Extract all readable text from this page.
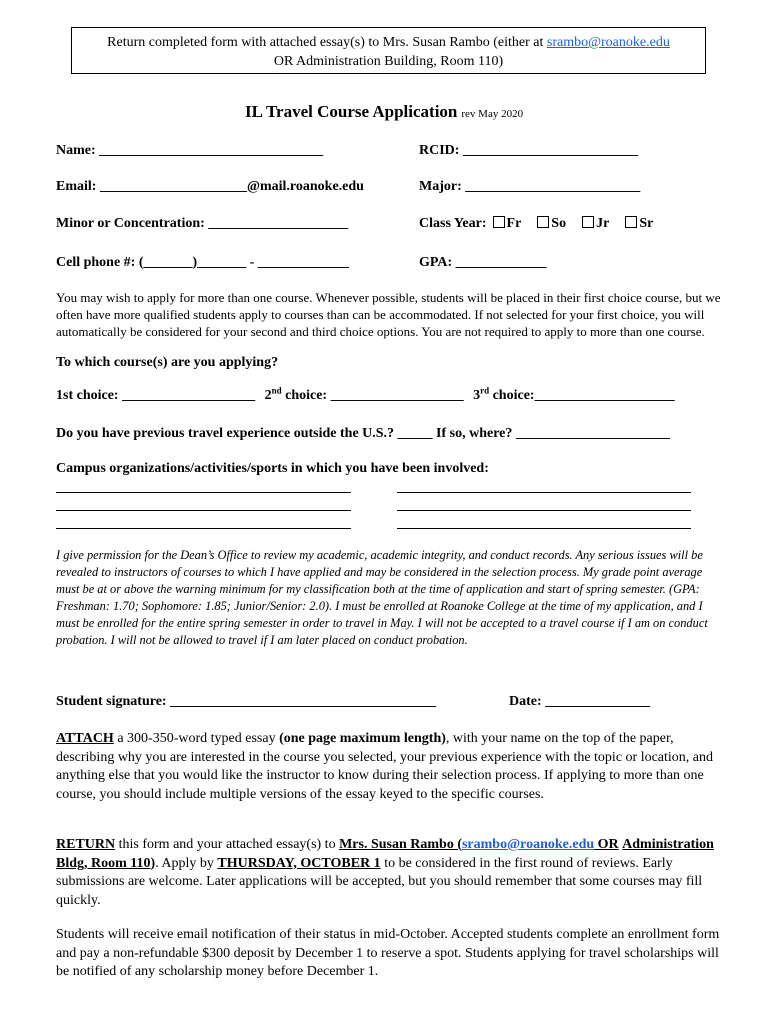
Return completed form with attached essay(s) to Mrs. Susan Rambo (either at srambo@roanoke.edu
OR Administration Building, Room 110)
IL Travel Course Application rev May 2020
Name: ________________________________	RCID: _________________________
Email: _____________________@mail.roanoke.edu	Major: _________________________
Minor or Concentration: ____________________	Class Year: Fr So Jr Sr
Cell phone #: (_______)_______ - _____________	GPA: _____________
You may wish to apply for more than one course. Whenever possible, students will be placed in their first choice course, but we often have more qualified students apply to courses than can be accommodated. If not selected for your first choice, you will automatically be considered for your second and third choice options. You are not required to apply to more than one course.
To which course(s) are you applying?
1st choice: ___________________ 2nd choice: ___________________ 3rd choice:____________________
Do you have previous travel experience outside the U.S.? _____ If so, where? ______________________
Campus organizations/activities/sports in which you have been involved:
I give permission for the Dean’s Office to review my academic, academic integrity, and conduct records. Any serious issues will be revealed to instructors of courses to which I have applied and may be considered in the selection process. My grade point average must be at or above the warning minimum for my classification both at the time of application and start of spring semester. (GPA: Freshman: 1.70; Sophomore: 1.85; Junior/Senior: 2.0). I must be enrolled at Roanoke College at the time of my application, and I must be enrolled for the entire spring semester in order to travel in May. I will not be accepted to a travel course if I am on conduct probation. I will not be allowed to travel if I am later placed on conduct probation.
Student signature: ______________________________________	Date: _______________
ATTACH a 300-350-word typed essay (one page maximum length), with your name on the top of the paper, describing why you are interested in the course you selected, your previous experience with the topic or location, and anything else that you would like the instructor to know during their selection process. If applying to more than one course, you should include multiple versions of the essay keyed to the specific courses.
RETURN this form and your attached essay(s) to Mrs. Susan Rambo (srambo@roanoke.edu OR Administration Bldg, Room 110). Apply by THURSDAY, OCTOBER 1 to be considered in the first round of reviews. Early submissions are welcome. Later applications will be accepted, but you should remember that some courses may fill quickly.
Students will receive email notification of their status in mid-October. Accepted students complete an enrollment form and pay a non-refundable $300 deposit by December 1 to reserve a spot. Students applying for travel scholarships will be notified of any scholarship money before December 1.
